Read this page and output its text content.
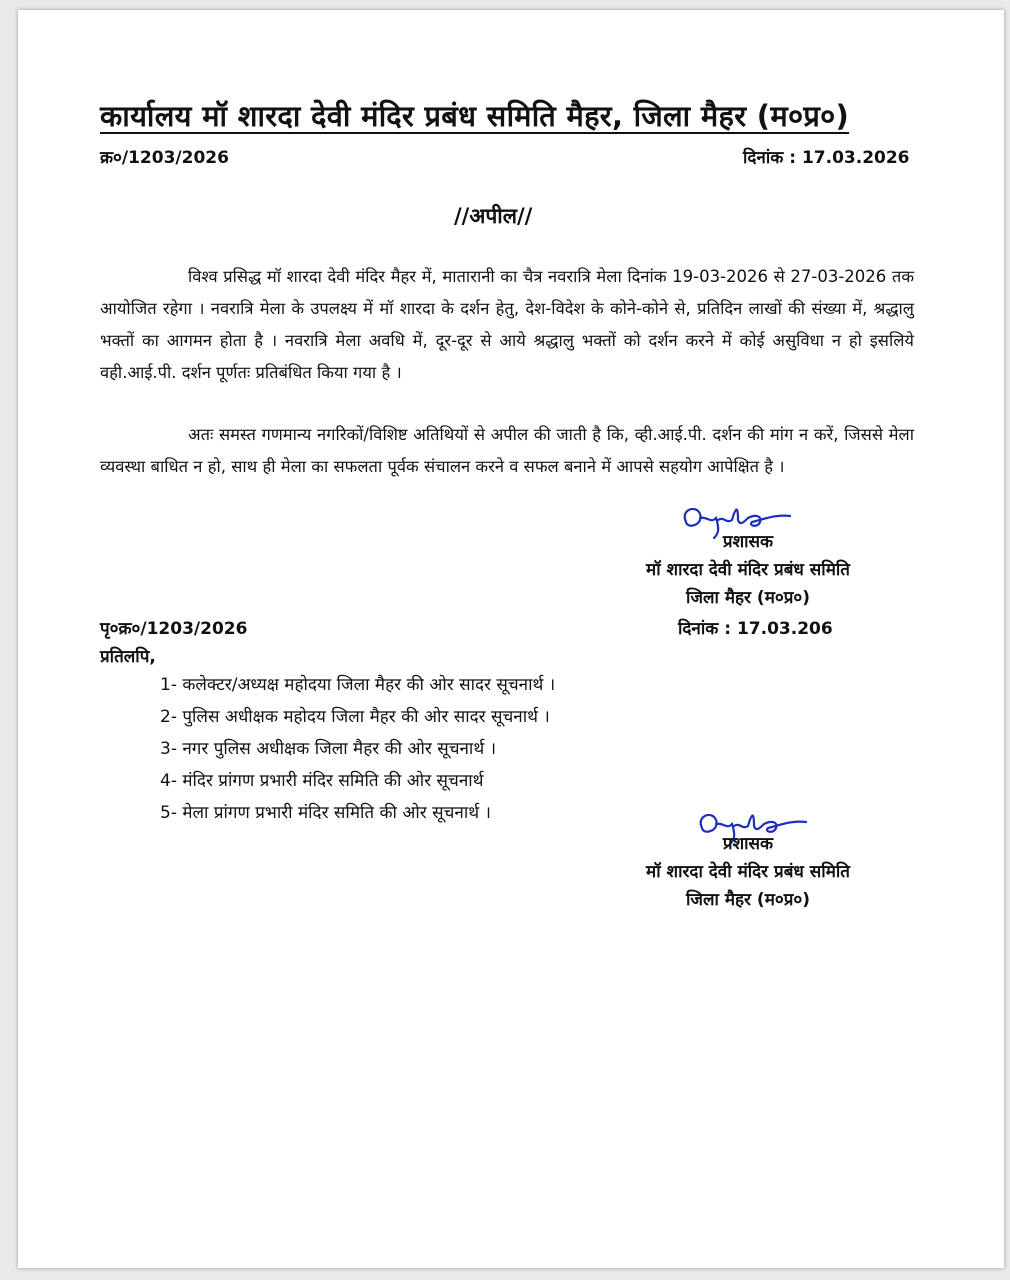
कार्यालय मॉ शारदा देवी मंदिर प्रबंध समिति मैहर, जिला मैहर (म०प्र०)
क्र०/1203/2026	दिनांक : 17.03.2026
//अपील//
विश्व प्रसिद्ध मॉ शारदा देवी मंदिर मैहर में, मातारानी का चैत्र नवरात्रि मेला दिनांक 19-03-2026 से 27-03-2026 तक आयोजित रहेगा । नवरात्रि मेला के उपलक्ष्य में मॉ शारदा के दर्शन हेतु, देश-विदेश के कोने-कोने से, प्रतिदिन लाखों की संख्या में, श्रद्धालु भक्तों का आगमन होता है । नवरात्रि मेला अवधि में, दूर-दूर से आये श्रद्धालु भक्तों को दर्शन करने में कोई असुविधा न हो इसलिये वही.आई.पी. दर्शन पूर्णतः प्रतिबंधित किया गया है ।
अतः समस्त गणमान्य नगरिकों/विशिष्ट अतिथियों से अपील की जाती है कि, व्ही.आई.पी. दर्शन की मांग न करें, जिससे मेला व्यवस्था बाधित न हो, साथ ही मेला का सफलता पूर्वक संचालन करने व सफल बनाने में आपसे सहयोग आपेक्षित है ।
प्रशासक
मॉ शारदा देवी मंदिर प्रबंध समिति
जिला मैहर (म०प्र०)
पृ०क्र०/1203/2026	दिनांक : 17.03.206
प्रतिलपि,
1- कलेक्टर/अध्यक्ष महोदया जिला मैहर की ओर सादर सूचनार्थ ।
2- पुलिस अधीक्षक महोदय जिला मैहर की ओर सादर सूचनार्थ ।
3- नगर पुलिस अधीक्षक जिला मैहर की ओर सूचनार्थ ।
4- मंदिर प्रांगण प्रभारी मंदिर समिति की ओर सूचनार्थ
5- मेला प्रांगण प्रभारी मंदिर समिति की ओर सूचनार्थ ।
प्रशासक
मॉ शारदा देवी मंदिर प्रबंध समिति
जिला मैहर (म०प्र०)
